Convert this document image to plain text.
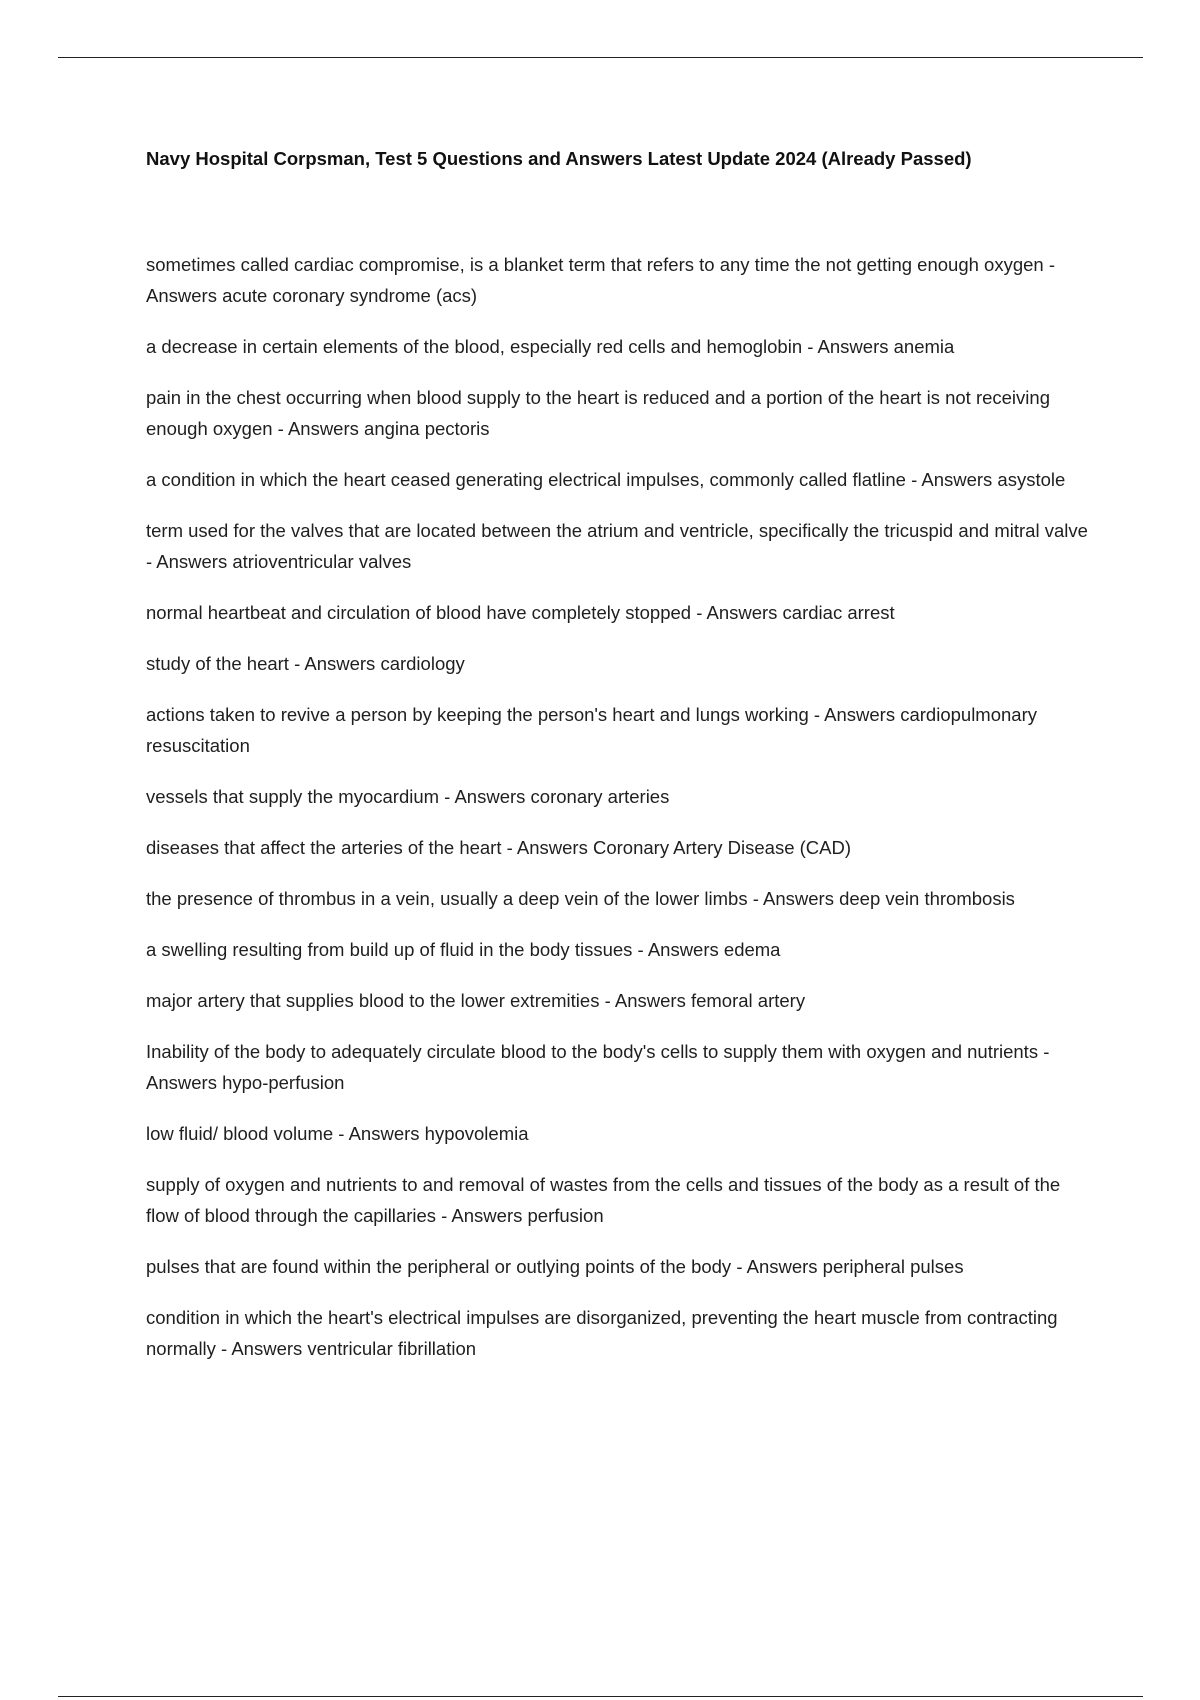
Navy Hospital Corpsman, Test 5 Questions and Answers Latest Update 2024 (Already Passed)
sometimes called cardiac compromise, is a blanket term that refers to any time the not getting enough oxygen - Answers acute coronary syndrome (acs)
a decrease in certain elements of the blood, especially red cells and hemoglobin - Answers anemia
pain in the chest occurring when blood supply to the heart is reduced and a portion of the heart is not receiving enough oxygen - Answers angina pectoris
a condition in which the heart ceased generating electrical impulses, commonly called flatline - Answers asystole
term used for the valves that are located between the atrium and ventricle, specifically the tricuspid and mitral valve - Answers atrioventricular valves
normal heartbeat and circulation of blood have completely stopped - Answers cardiac arrest
study of the heart - Answers cardiology
actions taken to revive a person by keeping the person's heart and lungs working - Answers cardiopulmonary resuscitation
vessels that supply the myocardium - Answers coronary arteries
diseases that affect the arteries of the heart - Answers Coronary Artery Disease (CAD)
the presence of thrombus in a vein, usually a deep vein of the lower limbs - Answers deep vein thrombosis
a swelling resulting from build up of fluid in the body tissues - Answers edema
major artery that supplies blood to the lower extremities - Answers femoral artery
Inability of the body to adequately circulate blood to the body's cells to supply them with oxygen and nutrients - Answers hypo-perfusion
low fluid/ blood volume - Answers hypovolemia
supply of oxygen and nutrients to and removal of wastes from the cells and tissues of the body as a result of the flow of blood through the capillaries - Answers perfusion
pulses that are found within the peripheral or outlying points of the body - Answers peripheral pulses
condition in which the heart's electrical impulses are disorganized, preventing the heart muscle from contracting normally - Answers ventricular fibrillation
